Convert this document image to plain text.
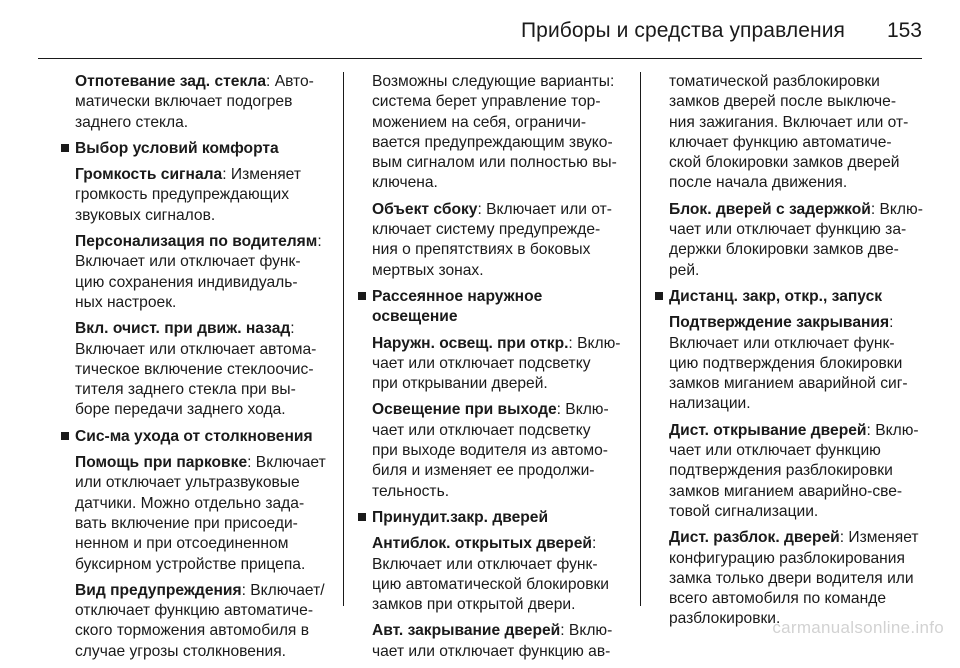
Приборы и средства управления 153
Отпотевание зад. стекла: Авто-
матически включает подогрев
заднего стекла.
Выбор условий комфорта
Громкость сигнала: Изменяет
громкость предупреждающих
звуковых сигналов.
Персонализация по водителям:
Включает или отключает функ-
цию сохранения индивидуаль-
ных настроек.
Вкл. очист. при движ. назад:
Включает или отключает автома-
тическое включение стеклоочис-
тителя заднего стекла при вы-
боре передачи заднего хода.
Сис-ма ухода от столкновения
Помощь при парковке: Включает
или отключает ультразвуковые
датчики. Можно отдельно зада-
вать включение при присоеди-
ненном и при отсоединенном
буксирном устройстве прицепа.
Вид предупреждения: Включает/
отключает функцию автоматиче-
ского торможения автомобиля в
случае угрозы столкновения.
Возможны следующие варианты:
система берет управление тор-
можением на себя, ограничи-
вается предупреждающим звуко-
вым сигналом или полностью вы-
ключена.
Объект сбоку: Включает или от-
ключает систему предупрежде-
ния о препятствиях в боковых
мертвых зонах.
Рассеянное наружное
освещение
Наружн. освещ. при откр.: Вклю-
чает или отключает подсветку
при открывании дверей.
Освещение при выходе: Вклю-
чает или отключает подсветку
при выходе водителя из автомо-
биля и изменяет ее продолжи-
тельность.
Принудит.закр. дверей
Антиблок. открытых дверей:
Включает или отключает функ-
цию автоматической блокировки
замков при открытой двери.
Авт. закрывание дверей: Вклю-
чает или отключает функцию ав-
томатической разблокировки
замков дверей после выключе-
ния зажигания. Включает или от-
ключает функцию автоматиче-
ской блокировки замков дверей
после начала движения.
Блок. дверей с задержкой: Вклю-
чает или отключает функцию за-
держки блокировки замков две-
рей.
Дистанц. закр, откр., запуск
Подтверждение закрывания:
Включает или отключает функ-
цию подтверждения блокировки
замков миганием аварийной сиг-
нализации.
Дист. открывание дверей: Вклю-
чает или отключает функцию
подтверждения разблокировки
замков миганием аварийно-све-
товой сигнализации.
Дист. разблок. дверей: Изменяет
конфигурацию разблокирования
замка только двери водителя или
всего автомобиля по команде
разблокировки.
carmanualsonline.info
